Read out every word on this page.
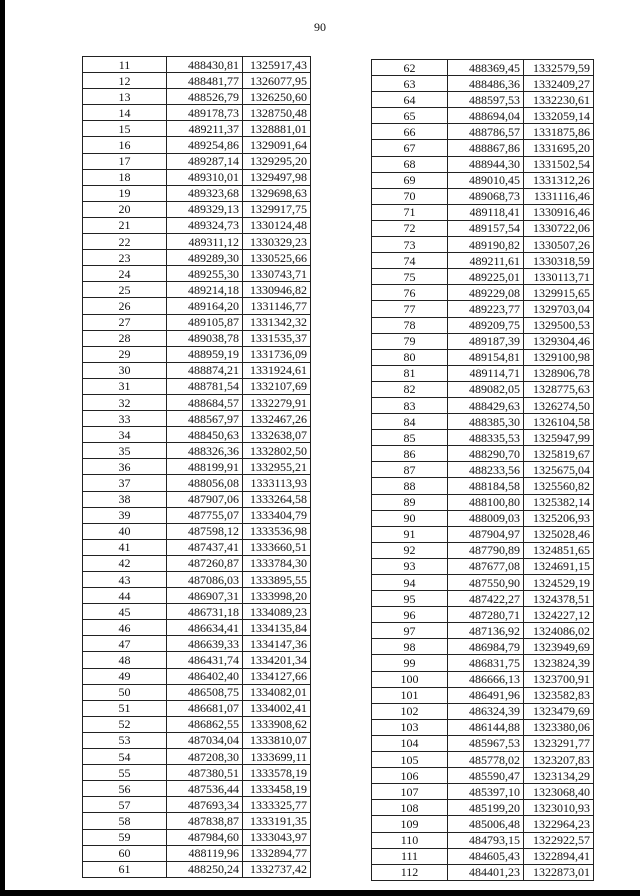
90
11	488430,81	1325917,43
12	488481,77	1326077,95
13	488526,79	1326250,60
14	489178,73	1328750,48
15	489211,37	1328881,01
16	489254,86	1329091,64
17	489287,14	1329295,20
18	489310,01	1329497,98
19	489323,68	1329698,63
20	489329,13	1329917,75
21	489324,73	1330124,48
22	489311,12	1330329,23
23	489289,30	1330525,66
24	489255,30	1330743,71
25	489214,18	1330946,82
26	489164,20	1331146,77
27	489105,87	1331342,32
28	489038,78	1331535,37
29	488959,19	1331736,09
30	488874,21	1331924,61
31	488781,54	1332107,69
32	488684,57	1332279,91
33	488567,97	1332467,26
34	488450,63	1332638,07
35	488326,36	1332802,50
36	488199,91	1332955,21
37	488056,08	1333113,93
38	487907,06	1333264,58
39	487755,07	1333404,79
40	487598,12	1333536,98
41	487437,41	1333660,51
42	487260,87	1333784,30
43	487086,03	1333895,55
44	486907,31	1333998,20
45	486731,18	1334089,23
46	486634,41	1334135,84
47	486639,33	1334147,36
48	486431,74	1334201,34
49	486402,40	1334127,66
50	486508,75	1334082,01
51	486681,07	1334002,41
52	486862,55	1333908,62
53	487034,04	1333810,07
54	487208,30	1333699,11
55	487380,51	1333578,19
56	487536,44	1333458,19
57	487693,34	1333325,77
58	487838,87	1333191,35
59	487984,60	1333043,97
60	488119,96	1332894,77
61	488250,24	1332737,42
62	488369,45	1332579,59
63	488486,36	1332409,27
64	488597,53	1332230,61
65	488694,04	1332059,14
66	488786,57	1331875,86
67	488867,86	1331695,20
68	488944,30	1331502,54
69	489010,45	1331312,26
70	489068,73	1331116,46
71	489118,41	1330916,46
72	489157,54	1330722,06
73	489190,82	1330507,26
74	489211,61	1330318,59
75	489225,01	1330113,71
76	489229,08	1329915,65
77	489223,77	1329703,04
78	489209,75	1329500,53
79	489187,39	1329304,46
80	489154,81	1329100,98
81	489114,71	1328906,78
82	489082,05	1328775,63
83	488429,63	1326274,50
84	488385,30	1326104,58
85	488335,53	1325947,99
86	488290,70	1325819,67
87	488233,56	1325675,04
88	488184,58	1325560,82
89	488100,80	1325382,14
90	488009,03	1325206,93
91	487904,97	1325028,46
92	487790,89	1324851,65
93	487677,08	1324691,15
94	487550,90	1324529,19
95	487422,27	1324378,51
96	487280,71	1324227,12
97	487136,92	1324086,02
98	486984,79	1323949,69
99	486831,75	1323824,39
100	486666,13	1323700,91
101	486491,96	1323582,83
102	486324,39	1323479,69
103	486144,88	1323380,06
104	485967,53	1323291,77
105	485778,02	1323207,83
106	485590,47	1323134,29
107	485397,10	1323068,40
108	485199,20	1323010,93
109	485006,48	1322964,23
110	484793,15	1322922,57
111	484605,43	1322894,41
112	484401,23	1322873,01
